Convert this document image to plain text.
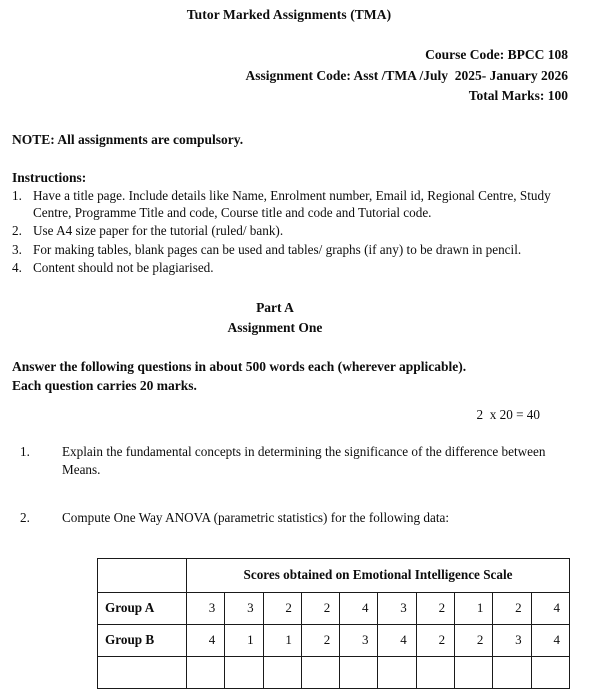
Tutor Marked Assignments (TMA)
Course Code: BPCC 108
Assignment Code: Asst /TMA /July  2025- January 2026
Total Marks: 100
NOTE: All assignments are compulsory.
Instructions:
1. Have a title page. Include details like Name, Enrolment number, Email id, Regional Centre, Study Centre, Programme Title and code, Course title and code and Tutorial code.
2. Use A4 size paper for the tutorial (ruled/ bank).
3. For making tables, blank pages can be used and tables/ graphs (if any) to be drawn in pencil.
4. Content should not be plagiarised.
Part A
Assignment One
Answer the following questions in about 500 words each (wherever applicable).
Each question carries 20 marks.
2  x 20 = 40
1. Explain the fundamental concepts in determining the significance of the difference between Means.
2. Compute One Way ANOVA (parametric statistics) for the following data:
	Scores obtained on Emotional Intelligence Scale									
Group A	3	3	2	2	4	3	2	1	2	4
Group B	4	1	1	2	3	4	2	2	3	4
